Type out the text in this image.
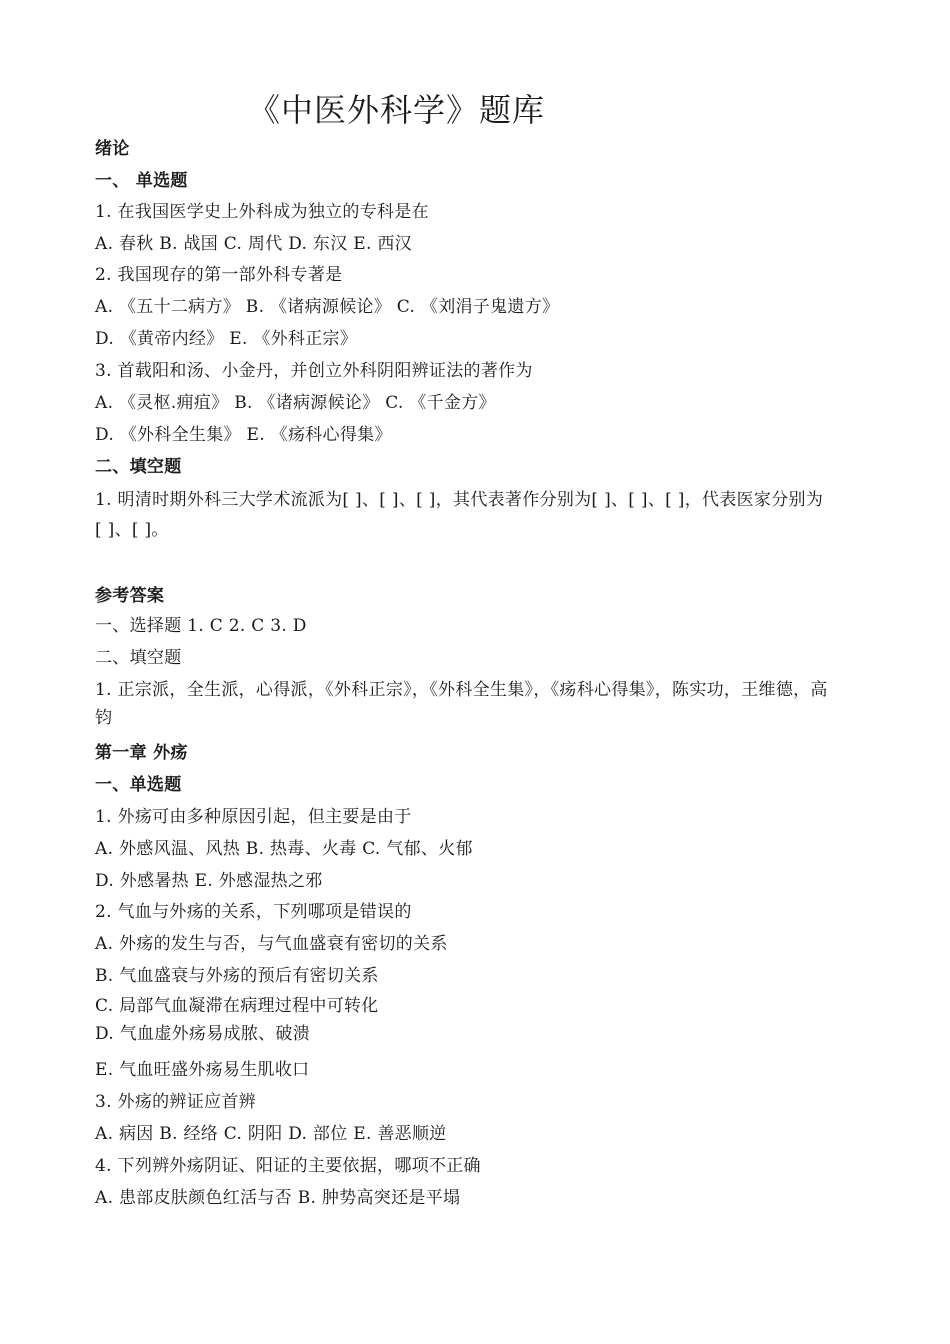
《中医外科学》题库
绪论
一、 单选题
1. 在我国医学史上外科成为独立的专科是在
A. 春秋 B. 战国 C. 周代 D. 东汉 E. 西汉
2. 我国现存的第一部外科专著是
A. 《五十二病方》 B. 《诸病源候论》 C. 《刘涓子鬼遗方》
D. 《黄帝内经》 E. 《外科正宗》
3. 首载阳和汤、小金丹，并创立外科阴阳辨证法的著作为
A. 《灵枢.痈疽》 B. 《诸病源候论》 C. 《千金方》
D. 《外科全生集》 E. 《疡科心得集》
二、填空题
1. 明清时期外科三大学术流派为[ ]、[ ]、[ ]，其代表著作分别为[ ]、[ ]、[ ]，代表医家分别为
[ ]、[ ]。
参考答案
一、选择题 1. C 2. C 3. D
二、填空题
1. 正宗派，全生派，心得派，《外科正宗》，《外科全生集》，《疡科心得集》，陈实功，王维德，高
钧
第一章 外疡
一、单选题
1. 外疡可由多种原因引起，但主要是由于
A. 外感风温、风热 B. 热毒、火毒 C. 气郁、火郁
D. 外感暑热 E. 外感湿热之邪
2. 气血与外疡的关系，下列哪项是错误的
A. 外疡的发生与否，与气血盛衰有密切的关系
B. 气血盛衰与外疡的预后有密切关系
C. 局部气血凝滞在病理过程中可转化
D. 气血虚外疡易成脓、破溃
E. 气血旺盛外疡易生肌收口
3. 外疡的辨证应首辨
A. 病因 B. 经络 C. 阴阳 D. 部位 E. 善恶顺逆
4. 下列辨外疡阴证、阳证的主要依据，哪项不正确
A. 患部皮肤颜色红活与否 B. 肿势高突还是平塌
